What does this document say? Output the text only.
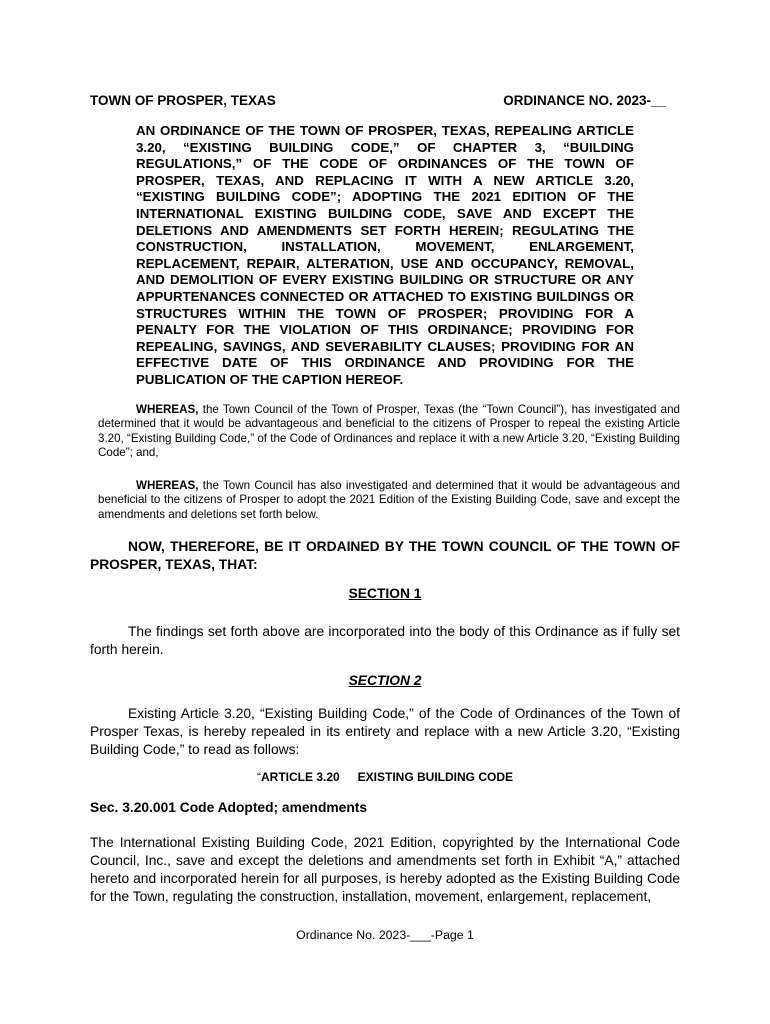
TOWN OF PROSPER, TEXAS	ORDINANCE NO. 2023-__

AN ORDINANCE OF THE TOWN OF PROSPER, TEXAS, REPEALING ARTICLE 3.20, “EXISTING BUILDING CODE,” OF CHAPTER 3, “BUILDING REGULATIONS,” OF THE CODE OF ORDINANCES OF THE TOWN OF PROSPER, TEXAS, AND REPLACING IT WITH A NEW ARTICLE 3.20, “EXISTING BUILDING CODE”; ADOPTING THE 2021 EDITION OF THE INTERNATIONAL EXISTING BUILDING CODE, SAVE AND EXCEPT THE DELETIONS AND AMENDMENTS SET FORTH HEREIN; REGULATING THE CONSTRUCTION, INSTALLATION, MOVEMENT, ENLARGEMENT, REPLACEMENT, REPAIR, ALTERATION, USE AND OCCUPANCY, REMOVAL, AND DEMOLITION OF EVERY EXISTING BUILDING OR STRUCTURE OR ANY APPURTENANCES CONNECTED OR ATTACHED TO EXISTING BUILDINGS OR STRUCTURES WITHIN THE TOWN OF PROSPER; PROVIDING FOR A PENALTY FOR THE VIOLATION OF THIS ORDINANCE; PROVIDING FOR REPEALING, SAVINGS, AND SEVERABILITY CLAUSES; PROVIDING FOR AN EFFECTIVE DATE OF THIS ORDINANCE AND PROVIDING FOR THE PUBLICATION OF THE CAPTION HEREOF.

WHEREAS, the Town Council of the Town of Prosper, Texas (the “Town Council”), has investigated and determined that it would be advantageous and beneficial to the citizens of Prosper to repeal the existing Article 3.20, “Existing Building Code,” of the Code of Ordinances and replace it with a new Article 3.20, “Existing Building Code”; and,

WHEREAS, the Town Council has also investigated and determined that it would be advantageous and beneficial to the citizens of Prosper to adopt the 2021 Edition of the Existing Building Code, save and except the amendments and deletions set forth below.

NOW, THEREFORE, BE IT ORDAINED BY THE TOWN COUNCIL OF THE TOWN OF PROSPER, TEXAS, THAT:

SECTION 1

The findings set forth above are incorporated into the body of this Ordinance as if fully set forth herein.

SECTION 2

Existing Article 3.20, “Existing Building Code,” of the Code of Ordinances of the Town of Prosper Texas, is hereby repealed in its entirety and replace with a new Article 3.20, “Existing Building Code,” to read as follows:

“ARTICLE 3.20 EXISTING BUILDING CODE
Sec. 3.20.001 Code Adopted; amendments

The International Existing Building Code, 2021 Edition, copyrighted by the International Code Council, Inc., save and except the deletions and amendments set forth in Exhibit “A,” attached hereto and incorporated herein for all purposes, is hereby adopted as the Existing Building Code for the Town, regulating the construction, installation, movement, enlargement, replacement,

Ordinance No. 2023-___-Page 1
